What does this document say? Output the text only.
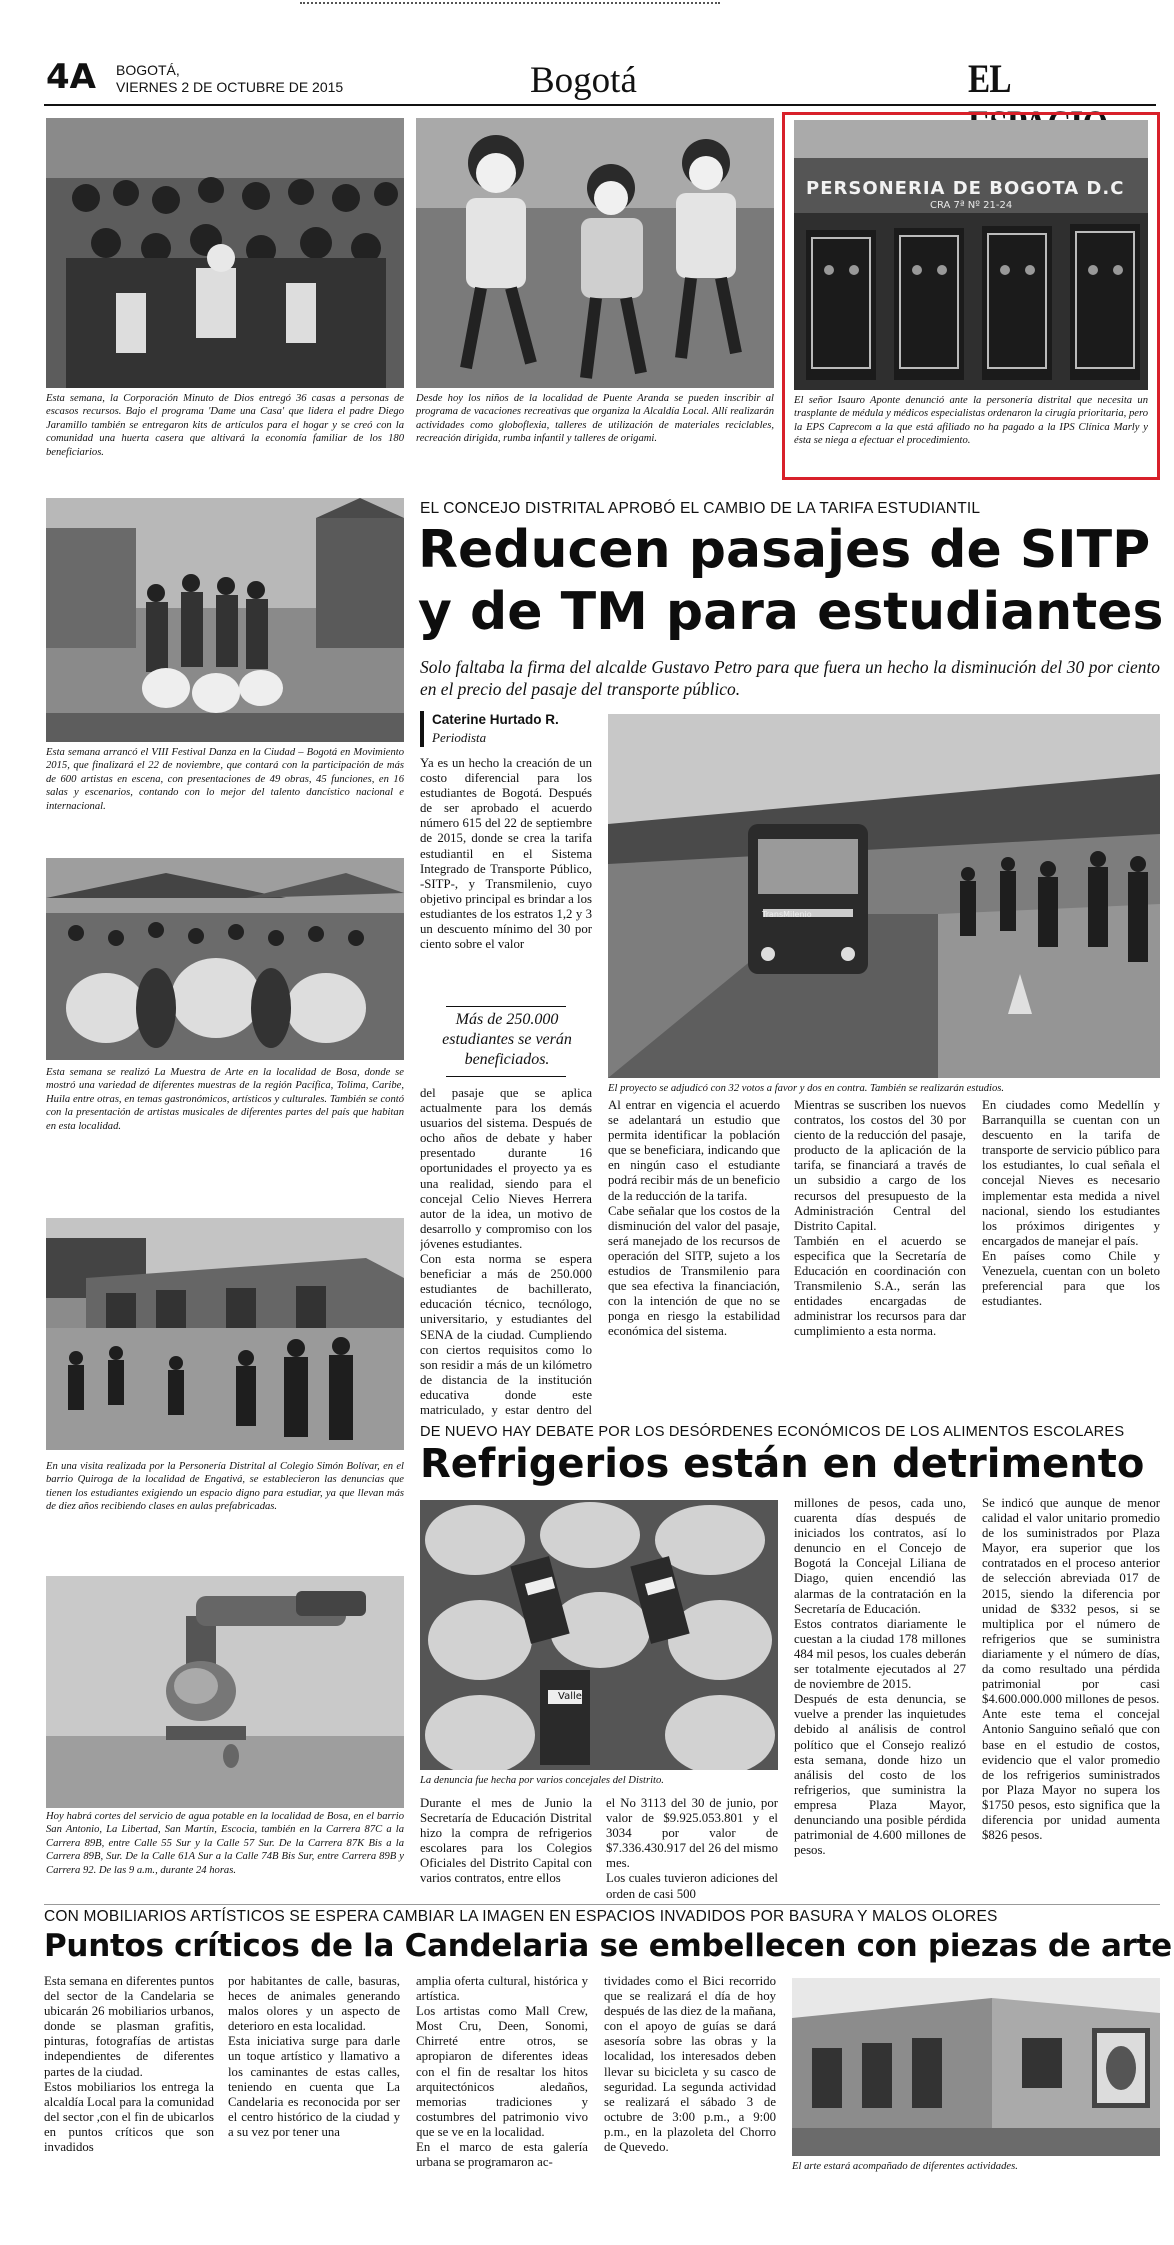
4A BOGOTÁ,
VIERNES 2 DE OCTUBRE DE 2015	Bogotá	EL
Esta semana, la Corporación Minuto de Dios entregó 36 casas a personas de escasos recursos. Bajo el programa 'Dame una Casa' que lidera el padre Diego Jaramillo también se entregaron kits de artículos para el hogar y se creó con la comunidad una huerta casera que altivará la economía familiar de los 180 beneficiarios.
Desde hoy los niños de la localidad de Puente Aranda se pueden inscribir al programa de vacaciones recreativas que organiza la Alcaldía Local. Allí realizarán actividades como globoflexia, talleres de utilización de materiales reciclables, recreación dirigida, rumba infantil y talleres de origami.
PERSONERIA DE BOGOTA D.C
CRA 7ª Nº 21-24
El señor Isauro Aponte denunció ante la personería distrital que necesita un trasplante de médula y médicos especialistas ordenaron la cirugía prioritaria, pero la EPS Caprecom a la que está afiliado no ha pagado a la IPS Clínica Marly y ésta se niega a efectuar el procedimiento.
Esta semana arrancó el VIII Festival Danza en la Ciudad – Bogotá en Movimiento 2015, que finalizará el 22 de noviembre, que contará con la participación de más de 600 artistas en escena, con presentaciones de 49 obras, 45 funciones, en 16 salas y escenarios, contando con lo mejor del talento dancístico nacional e internacional.
Esta semana se realizó La Muestra de Arte en la localidad de Bosa, donde se mostró una variedad de diferentes muestras de la región Pacífica, Tolima, Caribe, Huila entre otras, en temas gastronómicos, artísticos y culturales. También se contó con la presentación de artistas musicales de diferentes partes del país que habitan en esta localidad.
En una visita realizada por la Personería Distrital al Colegio Simón Bolívar, en el barrio Quiroga de la localidad de Engativá, se establecieron las denuncias que tienen los estudiantes exigiendo un espacio digno para estudiar, ya que llevan más de diez años recibiendo clases en aulas prefabricadas.
Hoy habrá cortes del servicio de agua potable en la localidad de Bosa, en el barrio San Antonio, La Libertad, San Martín, Escocia, también en la Carrera 87C a la Carrera 89B, entre Calle 55 Sur y la Calle 57 Sur. De la Carrera 87K Bis a la Carrera 89B, Sur. De la Calle 61A Sur a la Calle 74B Bis Sur, entre Carrera 89B y Carrera 92. De las 9 a.m., durante 24 horas.
EL CONCEJO DISTRITAL APROBÓ EL CAMBIO DE LA TARIFA ESTUDIANTIL
Reducen pasajes de SITP
y de TM para estudiantes
Solo faltaba la firma del alcalde Gustavo Petro para que fuera un hecho la disminución del 30 por ciento en el precio del pasaje del transporte público.
Caterine Hurtado R.
Periodista

Ya es un hecho la creación de un costo diferencial para los estudiantes de Bogotá. Después de ser aprobado el acuerdo número 615 del 22 de septiembre de 2015, donde se crea la tarifa estudiantil en el Sistema Integrado de Transporte Público, -SITP-, y Transmilenio, cuyo objetivo principal es brindar a los estudiantes de los estratos 1,2 y 3 un descuento mínimo del 30 por ciento sobre el valor

Más de 250.000 estudiantes se verán beneficiados.

del pasaje que se aplica actualmente para los demás usuarios del sistema. Después de ocho años de debate y haber presentado durante 16 oportunidades el proyecto ya es una realidad, siendo para el concejal Celio Nieves Herrera autor de la idea, un motivo de desarrollo y compromiso con los jóvenes estudiantes.

Con esta norma se espera beneficiar a más de 250.000 estudiantes de bachillerato, educación técnico, tecnólogo, universitario, y estudiantes del SENA de la ciudad. Cumpliendo con ciertos requisitos como lo son residir a más de un kilómetro de distancia de la institución educativa donde este matriculado, y estar dentro del

TransMilenio
El proyecto se adjudicó con 32 votos a favor y dos en contra. También se realizarán estudios.

Al entrar en vigencia el acuerdo se adelantará un estudio que permita identificar la población que se beneficiara, indicando que en ningún caso el estudiante podrá recibir más de un beneficio de la reducción de la tarifa.

Cabe señalar que los costos de la disminución del valor del pasaje, será manejado de los recursos de operación del SITP, sujeto a los estudios de Transmilenio para que sea efectiva la financiación, con la intención de que no se ponga en riesgo la estabilidad económica del sistema.

Mientras se suscriben los nuevos contratos, los costos del 30 por ciento de la reducción del pasaje, producto de la aplicación de la tarifa, se financiará a través de un subsidio a cargo de los recursos del presupuesto de la Administración Central del Distrito Capital.

También en el acuerdo se especifica que la Secretaría de Educación en coordinación con Transmilenio S.A., serán las entidades encargadas de administrar los recursos para dar cumplimiento a esta norma.

En ciudades como Medellín y Barranquilla se cuentan con un descuento en la tarifa de transporte de servicio público para los estudiantes, lo cual señala el concejal Nieves es necesario implementar esta medida a nivel nacional, siendo los estudiantes los próximos dirigentes y encargados de manejar el país.

En países como Chile y Venezuela, cuentan con un boleto preferencial para que los estudiantes.

DE NUEVO HAY DEBATE POR LOS DESÓRDENES ECONÓMICOS DE LOS ALIMENTOS ESCOLARES
Refrigerios están en detrimento
Valle
La denuncia fue hecha por varios concejales del Distrito.

Durante el mes de Junio la Secretaría de Educación Distrital hizo la compra de refrigerios escolares para los Colegios Oficiales del Distrito Capital con varios contratos, entre ellos

el No 3113 del 30 de junio, por valor de $9.925.053.801 y el 3034 por valor de $7.336.430.917 del 26 del mismo mes.

Los cuales tuvieron adiciones del orden de casi 500

millones de pesos, cada uno, cuarenta días después de iniciados los contratos, así lo denuncio en el Concejo de Bogotá la Concejal Liliana de Diago, quien encendió las alarmas de la contratación en la Secretaría de Educación.

Estos contratos diariamente le cuestan a la ciudad 178 millones 484 mil pesos, los cuales deberán ser totalmente ejecutados al 27 de noviembre de 2015.

Después de esta denuncia, se vuelve a prender las inquietudes debido al análisis de control político que el Consejo realizó esta semana, donde hizo un análisis del costo de los refrigerios, que suministra la empresa Plaza Mayor, denunciando una posible pérdida patrimonial de 4.600 millones de pesos.

Se indicó que aunque de menor calidad el valor unitario promedio de los suministrados por Plaza Mayor, era superior que los contratados en el proceso anterior de selección abreviada 017 de 2015, siendo la diferencia por unidad de $332 pesos, si se multiplica por el número de refrigerios que se suministra diariamente y el número de días, da como resultado una pérdida patrimonial por casi $4.600.000.000 millones de pesos.

Ante este tema el concejal Antonio Sanguino señaló que con base en el estudio de costos, evidencio que el valor promedio de los refrigerios suministrados por Plaza Mayor no supera los $1750 pesos, esto significa que la diferencia por unidad aumenta $826 pesos.

CON MOBILIARIOS ARTÍSTICOS SE ESPERA CAMBIAR LA IMAGEN EN ESPACIOS INVADIDOS POR BASURA Y MALOS OLORES
Puntos críticos de la Candelaria se embellecen con piezas de arte

Esta semana en diferentes puntos del sector de la Candelaria se ubicarán 26 mobiliarios urbanos, donde se plasman grafitis, pinturas, fotografías de artistas independientes de diferentes partes de la ciudad.

Estos mobiliarios los entrega la alcaldía Local para la comunidad del sector ,con el fin de ubicarlos en puntos críticos que son invadidos

por habitantes de calle, basuras, heces de animales generando malos olores y un aspecto de deterioro en esta localidad.

Esta iniciativa surge para darle un toque artístico y llamativo a los caminantes de estas calles, teniendo en cuenta que La Candelaria es reconocida por ser el centro histórico de la ciudad y a su vez por tener una

amplia oferta cultural, histórica y artística.

Los artistas como Mall Crew, Most Cru, Deen, Sonomi, Chirreté entre otros, se apropiaron de diferentes ideas con el fin de resaltar los hitos arquitectónicos aledaños, memorias tradiciones y costumbres del patrimonio vivo que se ve en la localidad.

En el marco de esta galería urbana se programaron ac-

tividades como el Bici recorrido que se realizará el día de hoy después de las diez de la mañana, con el apoyo de guías se dará asesoría sobre las obras y la localidad, los interesados deben llevar su bicicleta y su casco de seguridad. La segunda actividad se realizará el sábado 3 de octubre de 3:00 p.m., a 9:00 p.m., en la plazoleta del Chorro de Quevedo.

El arte estará acompañado de diferentes actividades.
